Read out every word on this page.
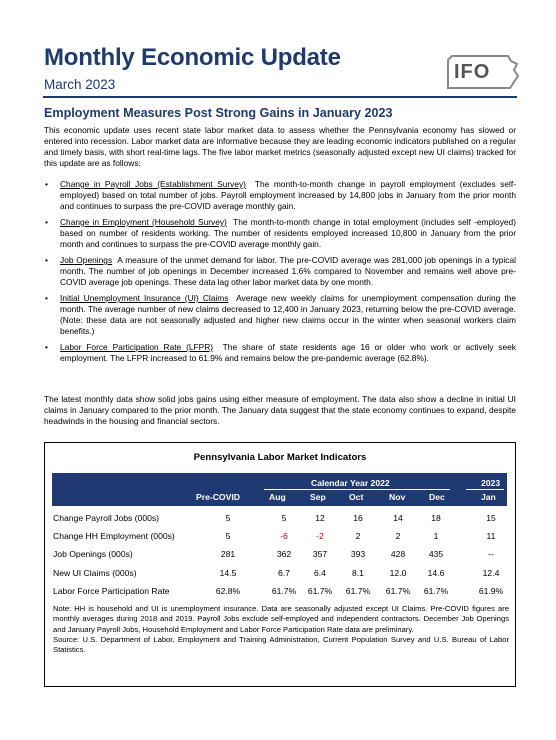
Monthly Economic Update
March 2023
IFO
Employment Measures Post Strong Gains in January 2023
This economic update uses recent state labor market data to assess whether the Pennsylvania economy has slowed or entered into recession. Labor market data are informative because they are leading economic indicators published on a regular and timely basis, with short real-time lags. The five labor market metrics (seasonally adjusted except new UI claims) tracked for this update are as follows:
• Change in Payroll Jobs (Establishment Survey) The month-to-month change in payroll employment (excludes self-employed) based on total number of jobs. Payroll employment increased by 14,800 jobs in January from the prior month and continues to surpass the pre-COVID average monthly gain.
• Change in Employment (Household Survey) The month-to-month change in total employment (includes self -employed) based on number of residents working. The number of residents employed increased 10,800 in January from the prior month and continues to surpass the pre-COVID average monthly gain.
• Job Openings A measure of the unmet demand for labor. The pre-COVID average was 281,000 job openings in a typical month. The number of job openings in December increased 1.6% compared to November and remains well above pre-COVID average job openings. These data lag other labor market data by one month.
• Initial Unemployment Insurance (UI) Claims Average new weekly claims for unemployment compensation during the month. The average number of new claims decreased to 12,400 in January 2023, returning below the pre-COVID average. (Note: these data are not seasonally adjusted and higher new claims occur in the winter when seasonal workers claim benefits.)
• Labor Force Participation Rate (LFPR) The share of state residents age 16 or older who work or actively seek employment. The LFPR increased to 61.9% and remains below the pre-pandemic average (62.8%).
The latest monthly data show solid jobs gains using either measure of employment. The data also show a decline in initial UI claims in January compared to the prior month. The January data suggest that the state economy continues to expand, despite headwinds in the housing and financial sectors.
Pennsylvania Labor Market Indicators
Calendar Year 2022	2023
Pre-COVID	Aug	Sep	Oct	Nov	Dec	Jan
Change Payroll Jobs (000s)	5	5	12	16	14	18	15
Change HH Employment (000s)	5	-6	-2	2	2	1	11
Job Openings (000s)	281	362	357	393	428	435	--
New UI Claims (000s)	14.5	6.7	6.4	8.1	12.0	14.6	12.4
Labor Force Participation Rate	62.8%	61.7%	61.7%	61.7%	61.7%	61.7%	61.9%
Note: HH is household and UI is unemployment insurance. Data are seasonally adjusted except UI Claims. Pre-COVID figures are monthly averages during 2018 and 2019. Payroll Jobs exclude self-employed and independent contractors. December Job Openings and January Payroll Jobs, Household Employment and Labor Force Participation Rate data are preliminary.
Source: U.S. Department of Labor, Employment and Training Administration, Current Population Survey and U.S. Bureau of Labor Statistics.
